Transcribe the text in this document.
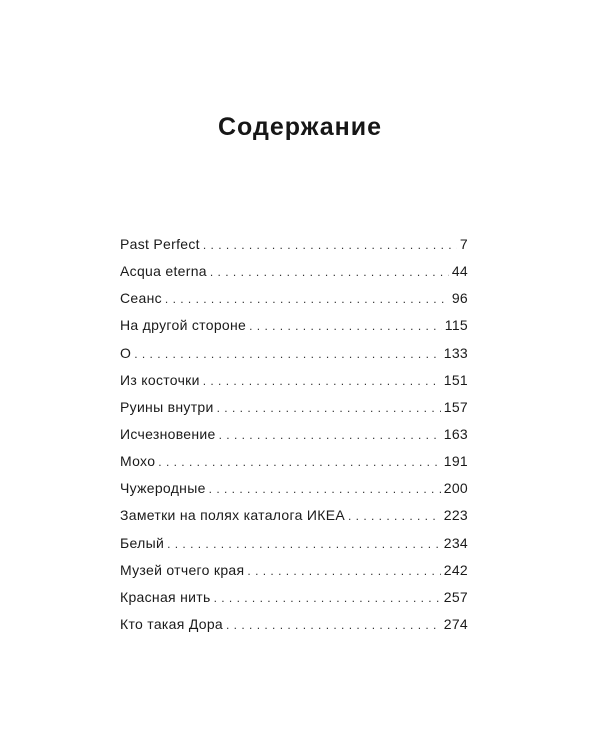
Содержание
Past Perfect . . .	7
Acqua eterna . . .	44
Сеанс . . .	96
На другой стороне . . .	115
О . . .	133
Из косточки . . .	151
Руины внутри . . .	157
Исчезновение . . .	163
Мохо . . .	191
Чужеродные . . .	200
Заметки на полях каталога ИКЕА . . .	223
Белый . . .	234
Музей отчего края . . .	242
Красная нить . . .	257
Кто такая Дора . . .	274
